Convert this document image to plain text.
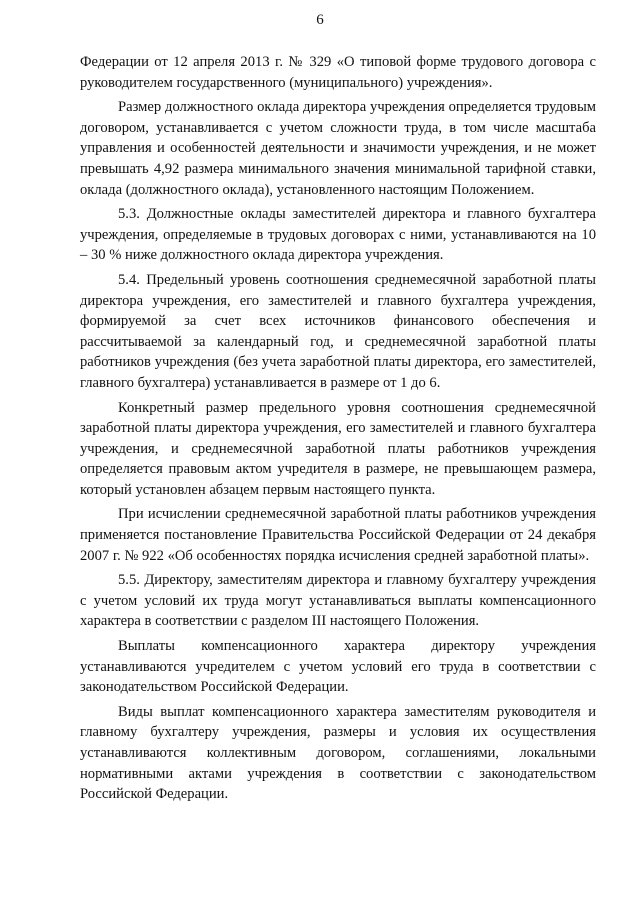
6

Федерации от 12 апреля 2013 г. № 329 «О типовой форме трудового договора с руководителем государственного (муниципального) учреждения».

Размер должностного оклада директора учреждения определяется трудовым договором, устанавливается с учетом сложности труда, в том числе масштаба управления и особенностей деятельности и значимости учреждения, и не может превышать 4,92 размера минимального значения минимальной тарифной ставки, оклада (должностного оклада), установленного настоящим Положением.

5.3. Должностные оклады заместителей директора и главного бухгалтера учреждения, определяемые в трудовых договорах с ними, устанавливаются на 10 – 30 % ниже должностного оклада директора учреждения.

5.4. Предельный уровень соотношения среднемесячной заработной платы директора учреждения, его заместителей и главного бухгалтера учреждения, формируемой за счет всех источников финансового обеспечения и рассчитываемой за календарный год, и среднемесячной заработной платы работников учреждения (без учета заработной платы директора, его заместителей, главного бухгалтера) устанавливается в размере от 1 до 6.

Конкретный размер предельного уровня соотношения среднемесячной заработной платы директора учреждения, его заместителей и главного бухгалтера учреждения, и среднемесячной заработной платы работников учреждения определяется правовым актом учредителя в размере, не превышающем размера, который установлен абзацем первым настоящего пункта.

При исчислении среднемесячной заработной платы работников учреждения применяется постановление Правительства Российской Федерации от 24 декабря 2007 г. № 922 «Об особенностях порядка исчисления средней заработной платы».

5.5. Директору, заместителям директора и главному бухгалтеру учреждения с учетом условий их труда могут устанавливаться выплаты компенсационного характера в соответствии с разделом III настоящего Положения.

Выплаты компенсационного характера директору учреждения устанавливаются учредителем с учетом условий его труда в соответствии с законодательством Российской Федерации.

Виды выплат компенсационного характера заместителям руководителя и главному бухгалтеру учреждения, размеры и условия их осуществления устанавливаются коллективным договором, соглашениями, локальными нормативными актами учреждения в соответствии с законодательством Российской Федерации.
